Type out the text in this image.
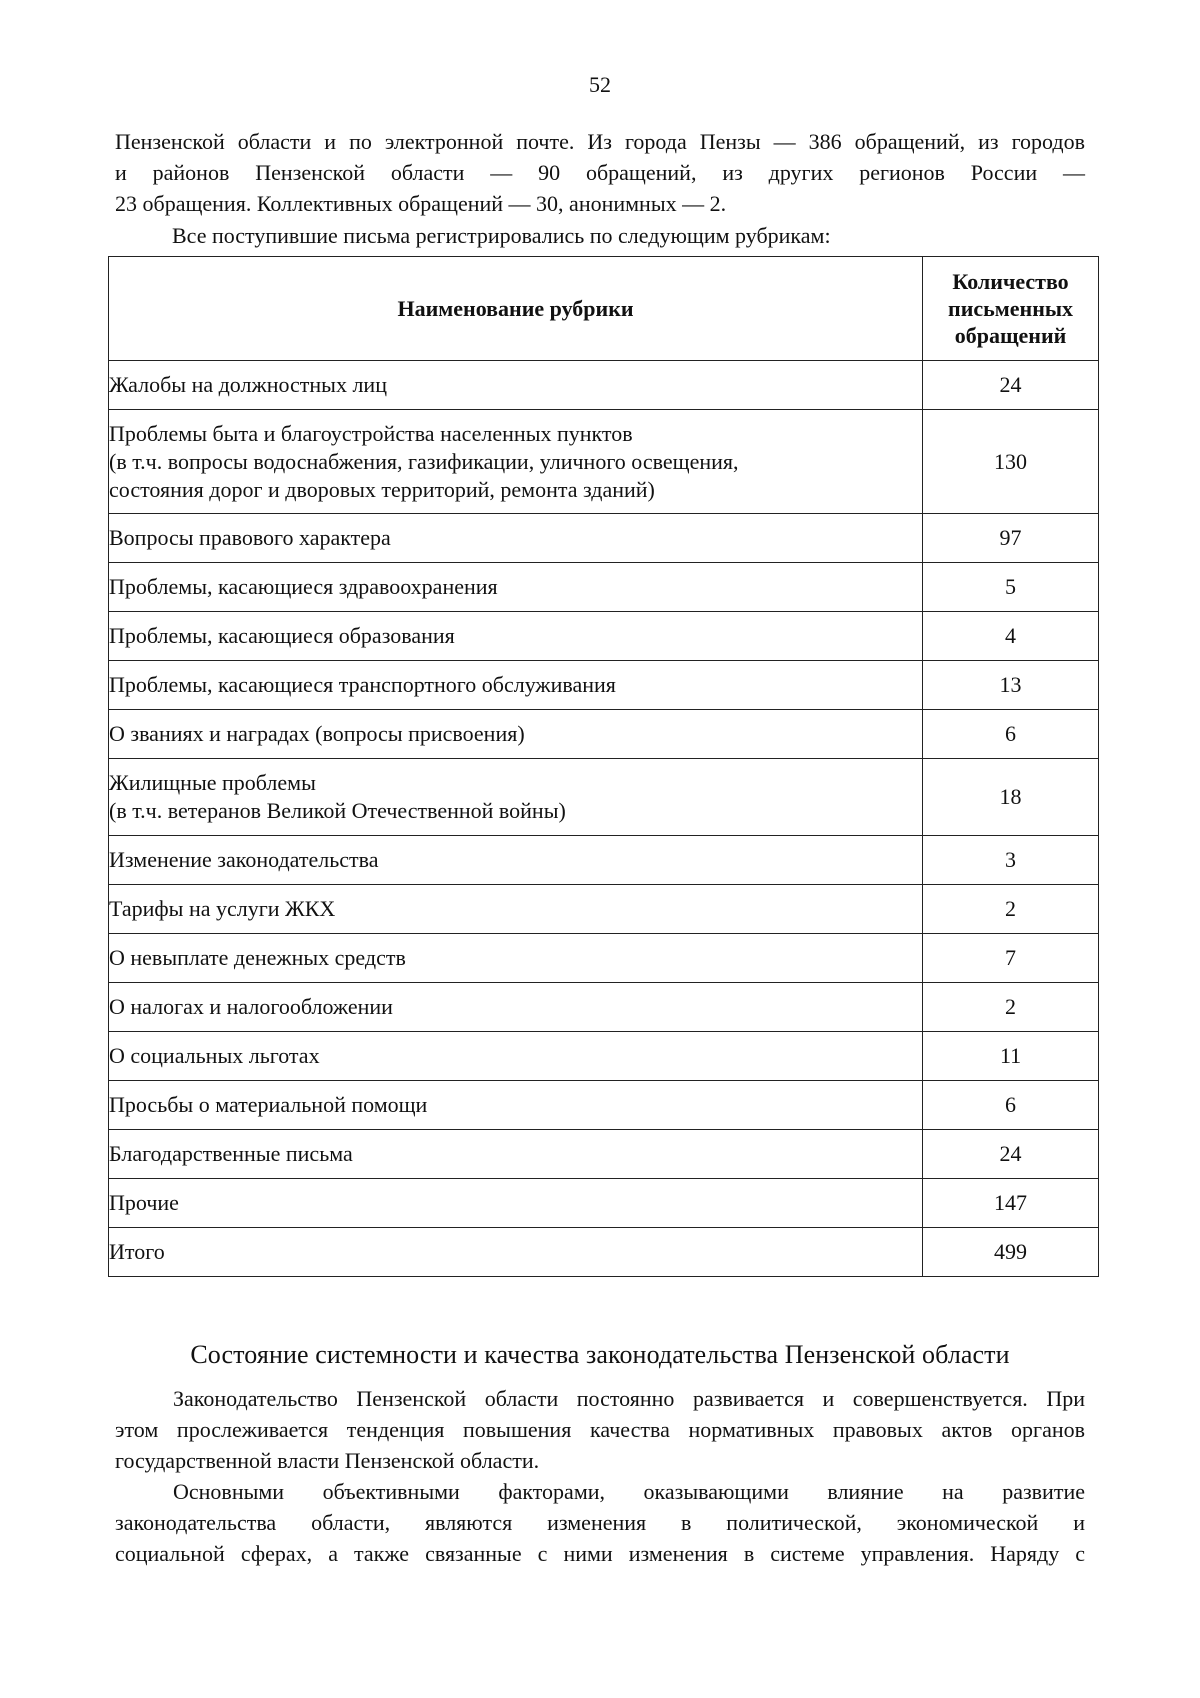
52

Пензенской области и по электронной почте. Из города Пензы — 386 обращений, из городов
и районов Пензенской области — 90 обращений, из других регионов России —
23 обращения. Коллективных обращений — 30, анонимных — 2.

Все поступившие письма регистрировались по следующим рубрикам:

Наименование рубрики	Количество
письменных
обращений

Жалобы на должностных лиц	24

Проблемы быта и благоустройства населенных пунктов
(в т.ч. вопросы водоснабжения, газификации, уличного освещения,
состояния дорог и дворовых территорий, ремонта зданий)	130

Вопросы правового характера	97

Проблемы, касающиеся здравоохранения	5

Проблемы, касающиеся образования	4

Проблемы, касающиеся транспортного обслуживания	13

О званиях и наградах (вопросы присвоения)	6

Жилищные проблемы
(в т.ч. ветеранов Великой Отечественной войны)	18

Изменение законодательства	3

Тарифы на услуги ЖКХ	2

О невыплате денежных средств	7

О налогах и налогообложении	2

О социальных льготах	11

Просьбы о материальной помощи	6

Благодарственные письма	24

Прочие	147

Итого	499
Состояние системности и качества законодательства Пензенской области

Законодательство Пензенской области постоянно развивается и совершенствуется. При
этом прослеживается тенденция повышения качества нормативных правовых актов органов
государственной власти Пензенской области.

Основными объективными факторами, оказывающими влияние на развитие
законодательства области, являются изменения в политической, экономической и
социальной сферах, а также связанные с ними изменения в системе управления. Наряду с
